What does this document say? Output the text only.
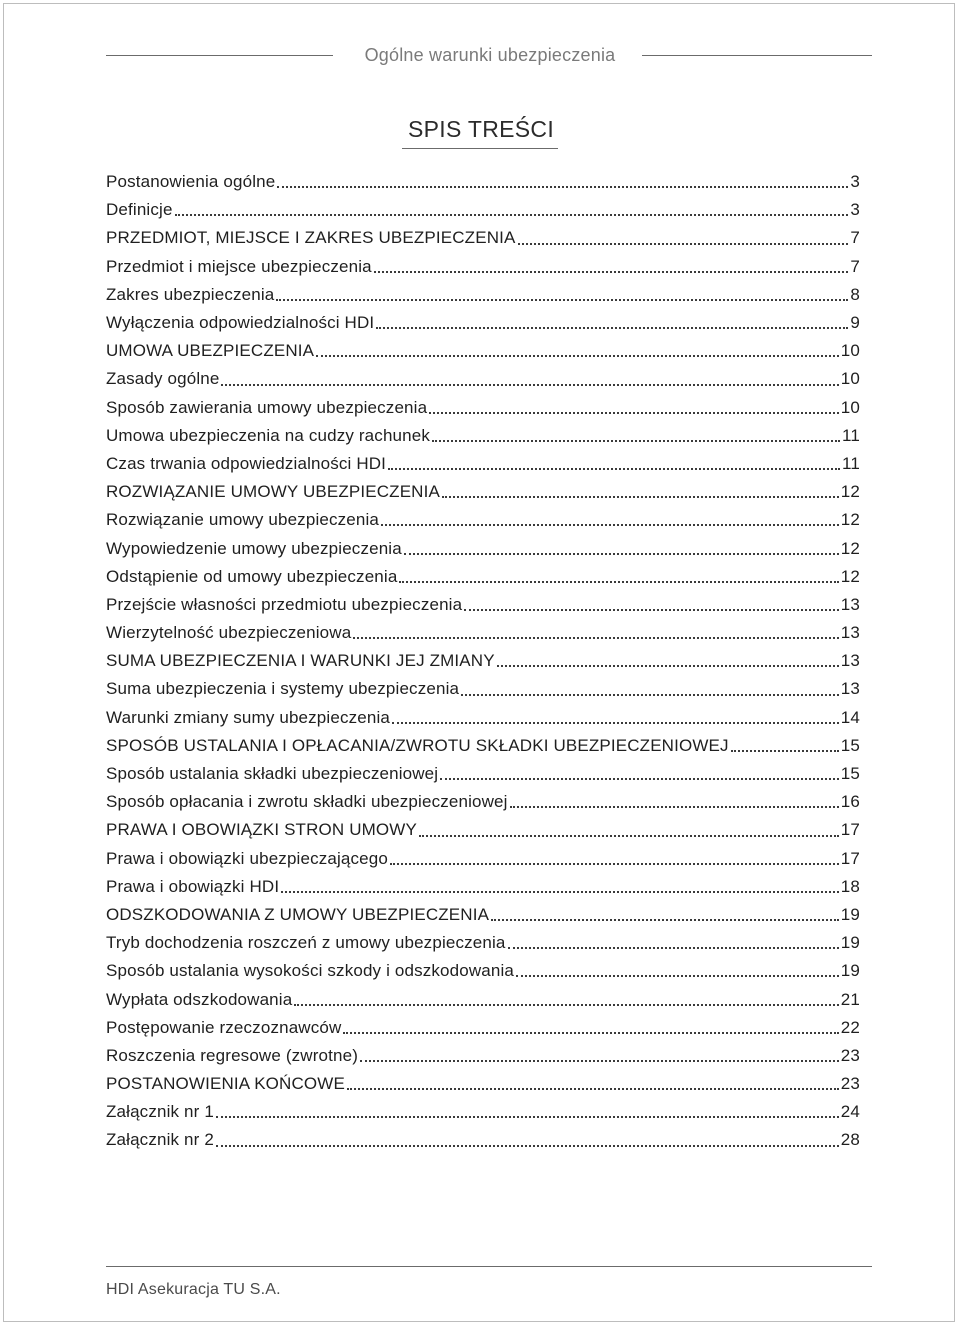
Ogólne warunki ubezpieczenia
SPIS TREŚCI
Postanowienia ogólne	3
Definicje	3
PRZEDMIOT, MIEJSCE I ZAKRES UBEZPIECZENIA	7
Przedmiot i miejsce ubezpieczenia	7
Zakres ubezpieczenia	8
Wyłączenia odpowiedzialności HDI	9
UMOWA UBEZPIECZENIA	10
Zasady ogólne	10
Sposób zawierania umowy ubezpieczenia	10
Umowa ubezpieczenia na cudzy rachunek	11
Czas trwania odpowiedzialności HDI	11
ROZWIĄZANIE UMOWY UBEZPIECZENIA	12
Rozwiązanie umowy ubezpieczenia	12
Wypowiedzenie umowy ubezpieczenia	12
Odstąpienie od umowy ubezpieczenia	12
Przejście własności przedmiotu ubezpieczenia	13
Wierzytelność ubezpieczeniowa	13
SUMA UBEZPIECZENIA I WARUNKI JEJ ZMIANY	13
Suma ubezpieczenia i systemy ubezpieczenia	13
Warunki zmiany sumy ubezpieczenia	14
SPOSÓB USTALANIA I OPŁACANIA/ZWROTU SKŁADKI UBEZPIECZENIOWEJ	15
Sposób ustalania składki ubezpieczeniowej	15
Sposób opłacania i zwrotu składki ubezpieczeniowej	16
PRAWA I OBOWIĄZKI STRON UMOWY	17
Prawa i obowiązki ubezpieczającego	17
Prawa i obowiązki HDI	18
ODSZKODOWANIA Z UMOWY UBEZPIECZENIA	19
Tryb dochodzenia roszczeń z umowy ubezpieczenia	19
Sposób ustalania wysokości szkody i odszkodowania	19
Wypłata odszkodowania	21
Postępowanie rzeczoznawców	22
Roszczenia regresowe (zwrotne)	23
POSTANOWIENIA KOŃCOWE	23
Załącznik nr 1	24
Załącznik nr 2	28
HDI Asekuracja TU S.A.
